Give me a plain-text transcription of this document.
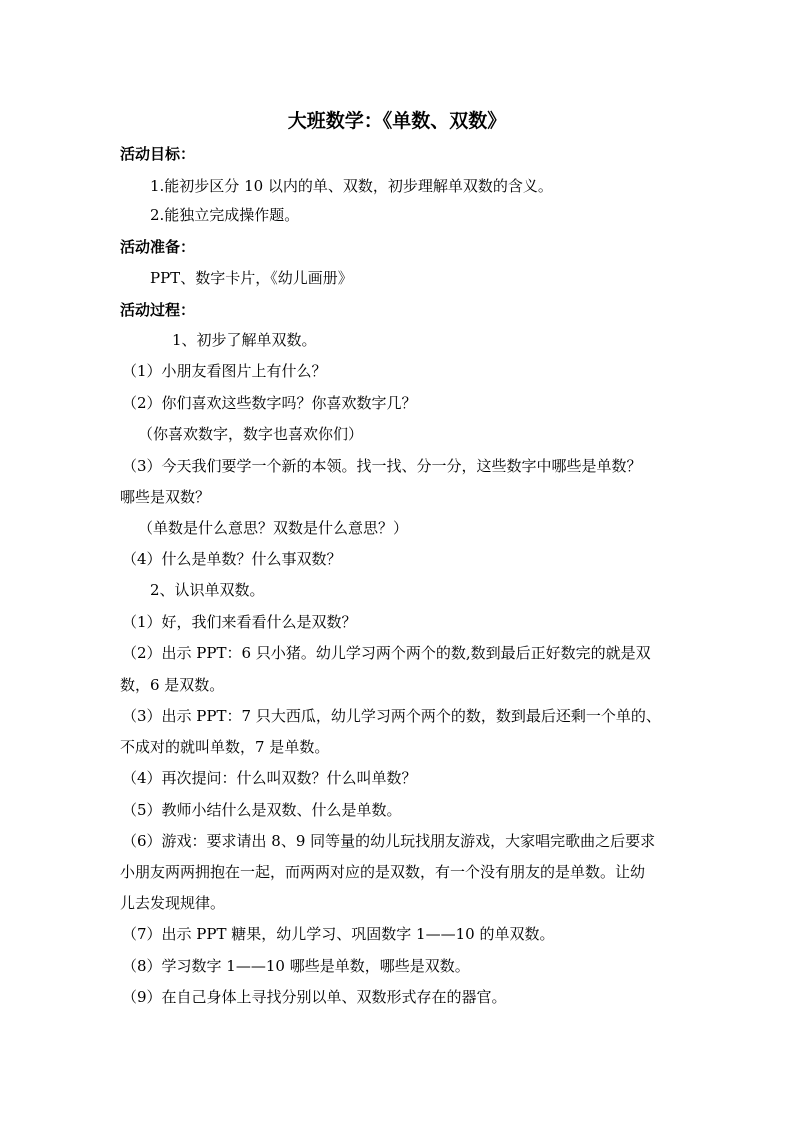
大班数学：《单数、双数》
活动目标：
1.能初步区分 10 以内的单、双数，初步理解单双数的含义。
2.能独立完成操作题。
活动准备：
PPT、数字卡片，《幼儿画册》
活动过程：
1、初步了解单双数。
（1）小朋友看图片上有什么？
（2）你们喜欢这些数字吗？你喜欢数字几？
（你喜欢数字，数字也喜欢你们）
（3）今天我们要学一个新的本领。找一找、分一分，这些数字中哪些是单数？
哪些是双数？
（单数是什么意思？双数是什么意思？）
（4）什么是单数？什么事双数？
2、认识单双数。
（1）好，我们来看看什么是双数？
（2）出示 PPT：6 只小猪。幼儿学习两个两个的数,数到最后正好数完的就是双
数，6 是双数。
（3）出示 PPT：7 只大西瓜，幼儿学习两个两个的数，数到最后还剩一个单的、
不成对的就叫单数，7 是单数。
（4）再次提问：什么叫双数？什么叫单数？
（5）教师小结什么是双数、什么是单数。
（6）游戏：要求请出 8、9 同等量的幼儿玩找朋友游戏，大家唱完歌曲之后要求
小朋友两两拥抱在一起，而两两对应的是双数，有一个没有朋友的是单数。让幼
儿去发现规律。
（7）出示 PPT 糖果，幼儿学习、巩固数字 1——10 的单双数。
（8）学习数字 1——10 哪些是单数，哪些是双数。
（9）在自己身体上寻找分别以单、双数形式存在的器官。
